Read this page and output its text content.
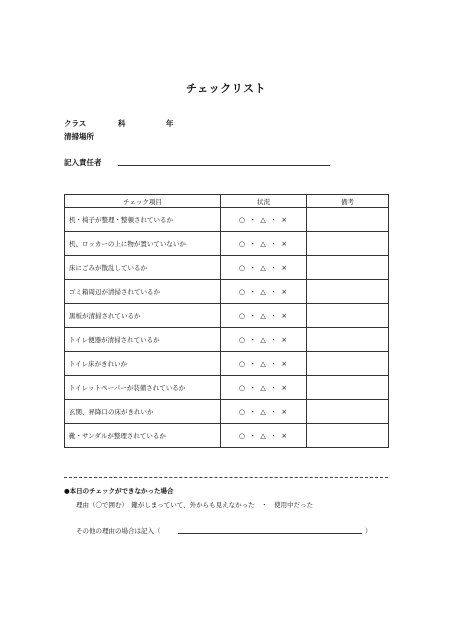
チェックリスト
クラス	科	年
清掃場所
記入責任者
チェック項目	状況	備考
机・椅子が整理・整頓されているか	○ ・ △ ・ ×	
机、ロッカーの上に物が置いていないか	○ ・ △ ・ ×	
床にごみが散乱しているか	○ ・ △ ・ ×	
ゴミ箱周辺が清掃されているか	○ ・ △ ・ ×	
黒板が清掃されているか	○ ・ △ ・ ×	
トイレ便器が清掃されているか	○ ・ △ ・ ×	
トイレ床がきれいか	○ ・ △ ・ ×	
トイレットペーパーが装備されているか	○ ・ △ ・ ×	
玄関、昇降口の床がきれいか	○ ・ △ ・ ×	
靴・サンダルが整理されているか	○ ・ △ ・ ×	
●本日のチェックができなかった場合
理由（〇で囲む）　鍵がしまっていて、外からも見えなかった　・　使用中だった
その他の理由の場合は記入（	）
